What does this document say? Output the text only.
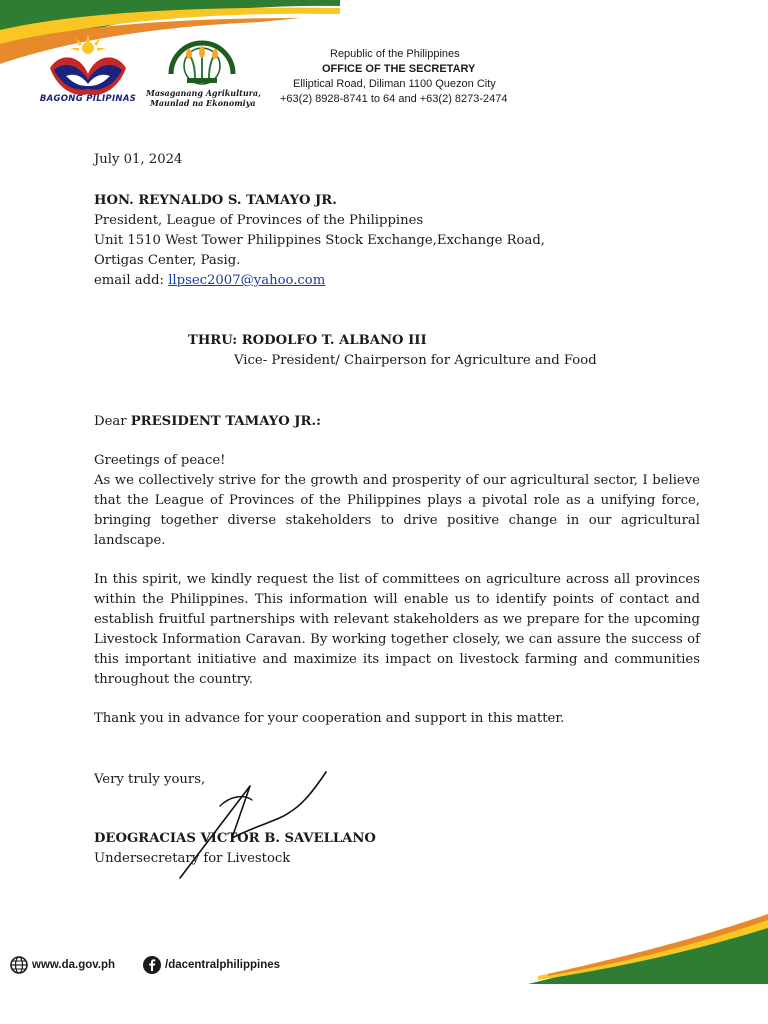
BAGONG PILIPINAS
Masaganang Agrikultura,
Maunlad na Ekonomiya
Republic of the Philippines
OFFICE OF THE SECRETARY
Elliptical Road, Diliman 1100 Quezon City
+63(2) 8928-8741 to 64 and +63(2) 8273-2474
July 01, 2024
HON. REYNALDO S. TAMAYO JR.
President, League of Provinces of the Philippines
Unit 1510 West Tower Philippines Stock Exchange,Exchange Road,
Ortigas Center, Pasig.
email add: llpsec2007@yahoo.com
THRU: RODOLFO T. ALBANO III
Vice- President/ Chairperson for Agriculture and Food
Dear PRESIDENT TAMAYO JR.:
Greetings of peace!
As we collectively strive for the growth and prosperity of our agricultural sector, I believe that the League of Provinces of the Philippines plays a pivotal role as a unifying force, bringing together diverse stakeholders to drive positive change in our agricultural landscape.
In this spirit, we kindly request the list of committees on agriculture across all provinces within the Philippines. This information will enable us to identify points of contact and establish fruitful partnerships with relevant stakeholders as we prepare for the upcoming Livestock Information Caravan. By working together closely, we can assure the success of this important initiative and maximize its impact on livestock farming and communities throughout the country.
Thank you in advance for your cooperation and support in this matter.
Very truly yours,
DEOGRACIAS VICTOR B. SAVELLANO
Undersecretary for Livestock
www.da.gov.ph	/dacentralphilippines
